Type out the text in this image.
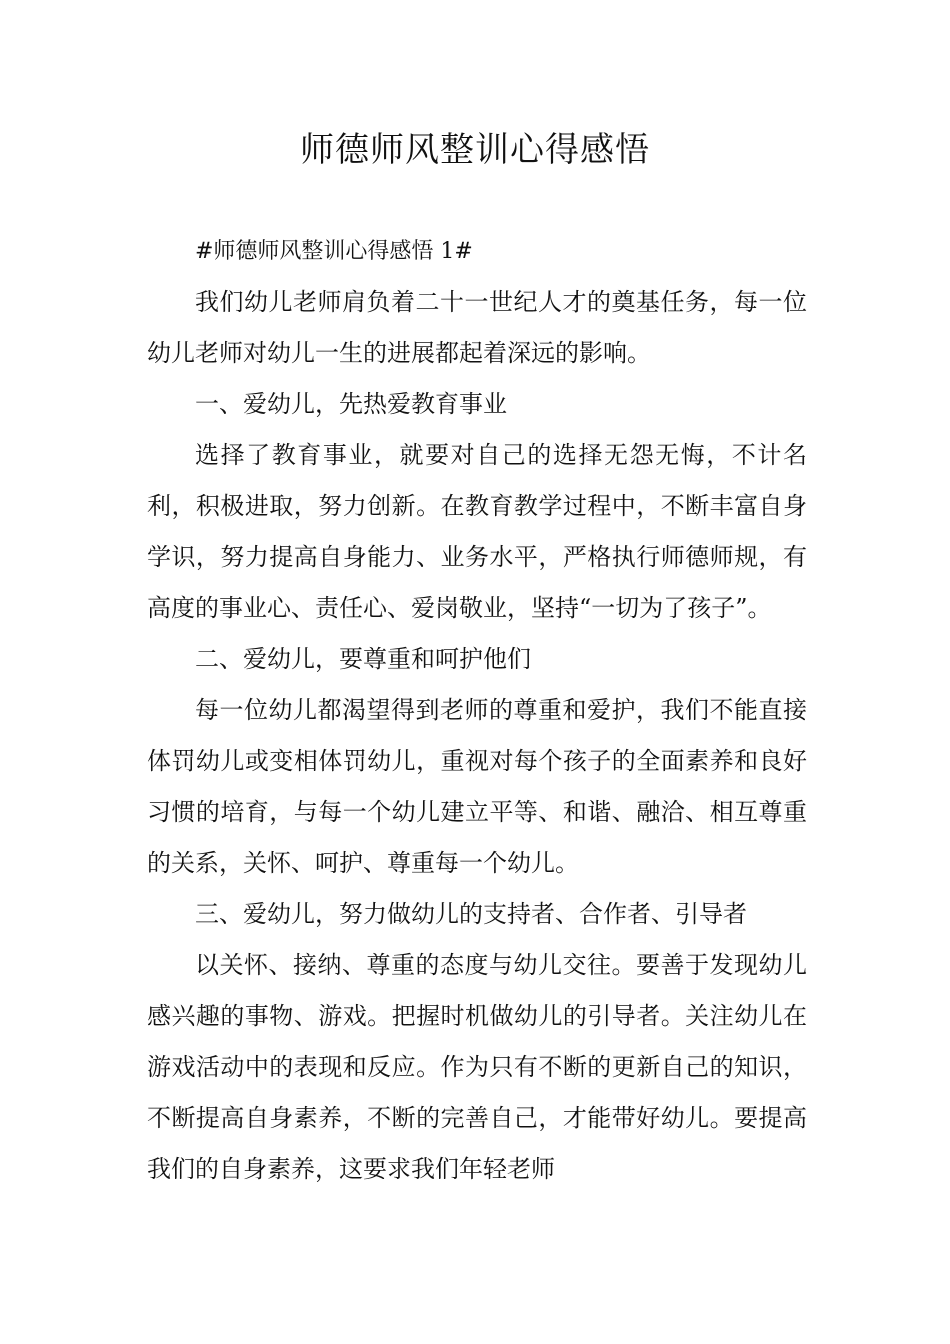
师德师风整训心得感悟

#师德师风整训心得感悟 1#

我们幼儿老师肩负着二十一世纪人才的奠基任务，每一位幼儿老师对幼儿一生的进展都起着深远的影响。

一、爱幼儿，先热爱教育事业

选择了教育事业，就要对自己的选择无怨无悔，不计名利，积极进取，努力创新。在教育教学过程中，不断丰富自身学识，努力提高自身能力、业务水平，严格执行师德师规，有高度的事业心、责任心、爱岗敬业，坚持“一切为了孩子”。

二、爱幼儿，要尊重和呵护他们

每一位幼儿都渴望得到老师的尊重和爱护，我们不能直接体罚幼儿或变相体罚幼儿，重视对每个孩子的全面素养和良好习惯的培育，与每一个幼儿建立平等、和谐、融洽、相互尊重的关系，关怀、呵护、尊重每一个幼儿。

三、爱幼儿，努力做幼儿的支持者、合作者、引导者

以关怀、接纳、尊重的态度与幼儿交往。要善于发现幼儿感兴趣的事物、游戏。把握时机做幼儿的引导者。关注幼儿在游戏活动中的表现和反应。作为只有不断的更新自己的知识，不断提高自身素养，不断的完善自己，才能带好幼儿。要提高我们的自身素养，这要求我们年轻老师
